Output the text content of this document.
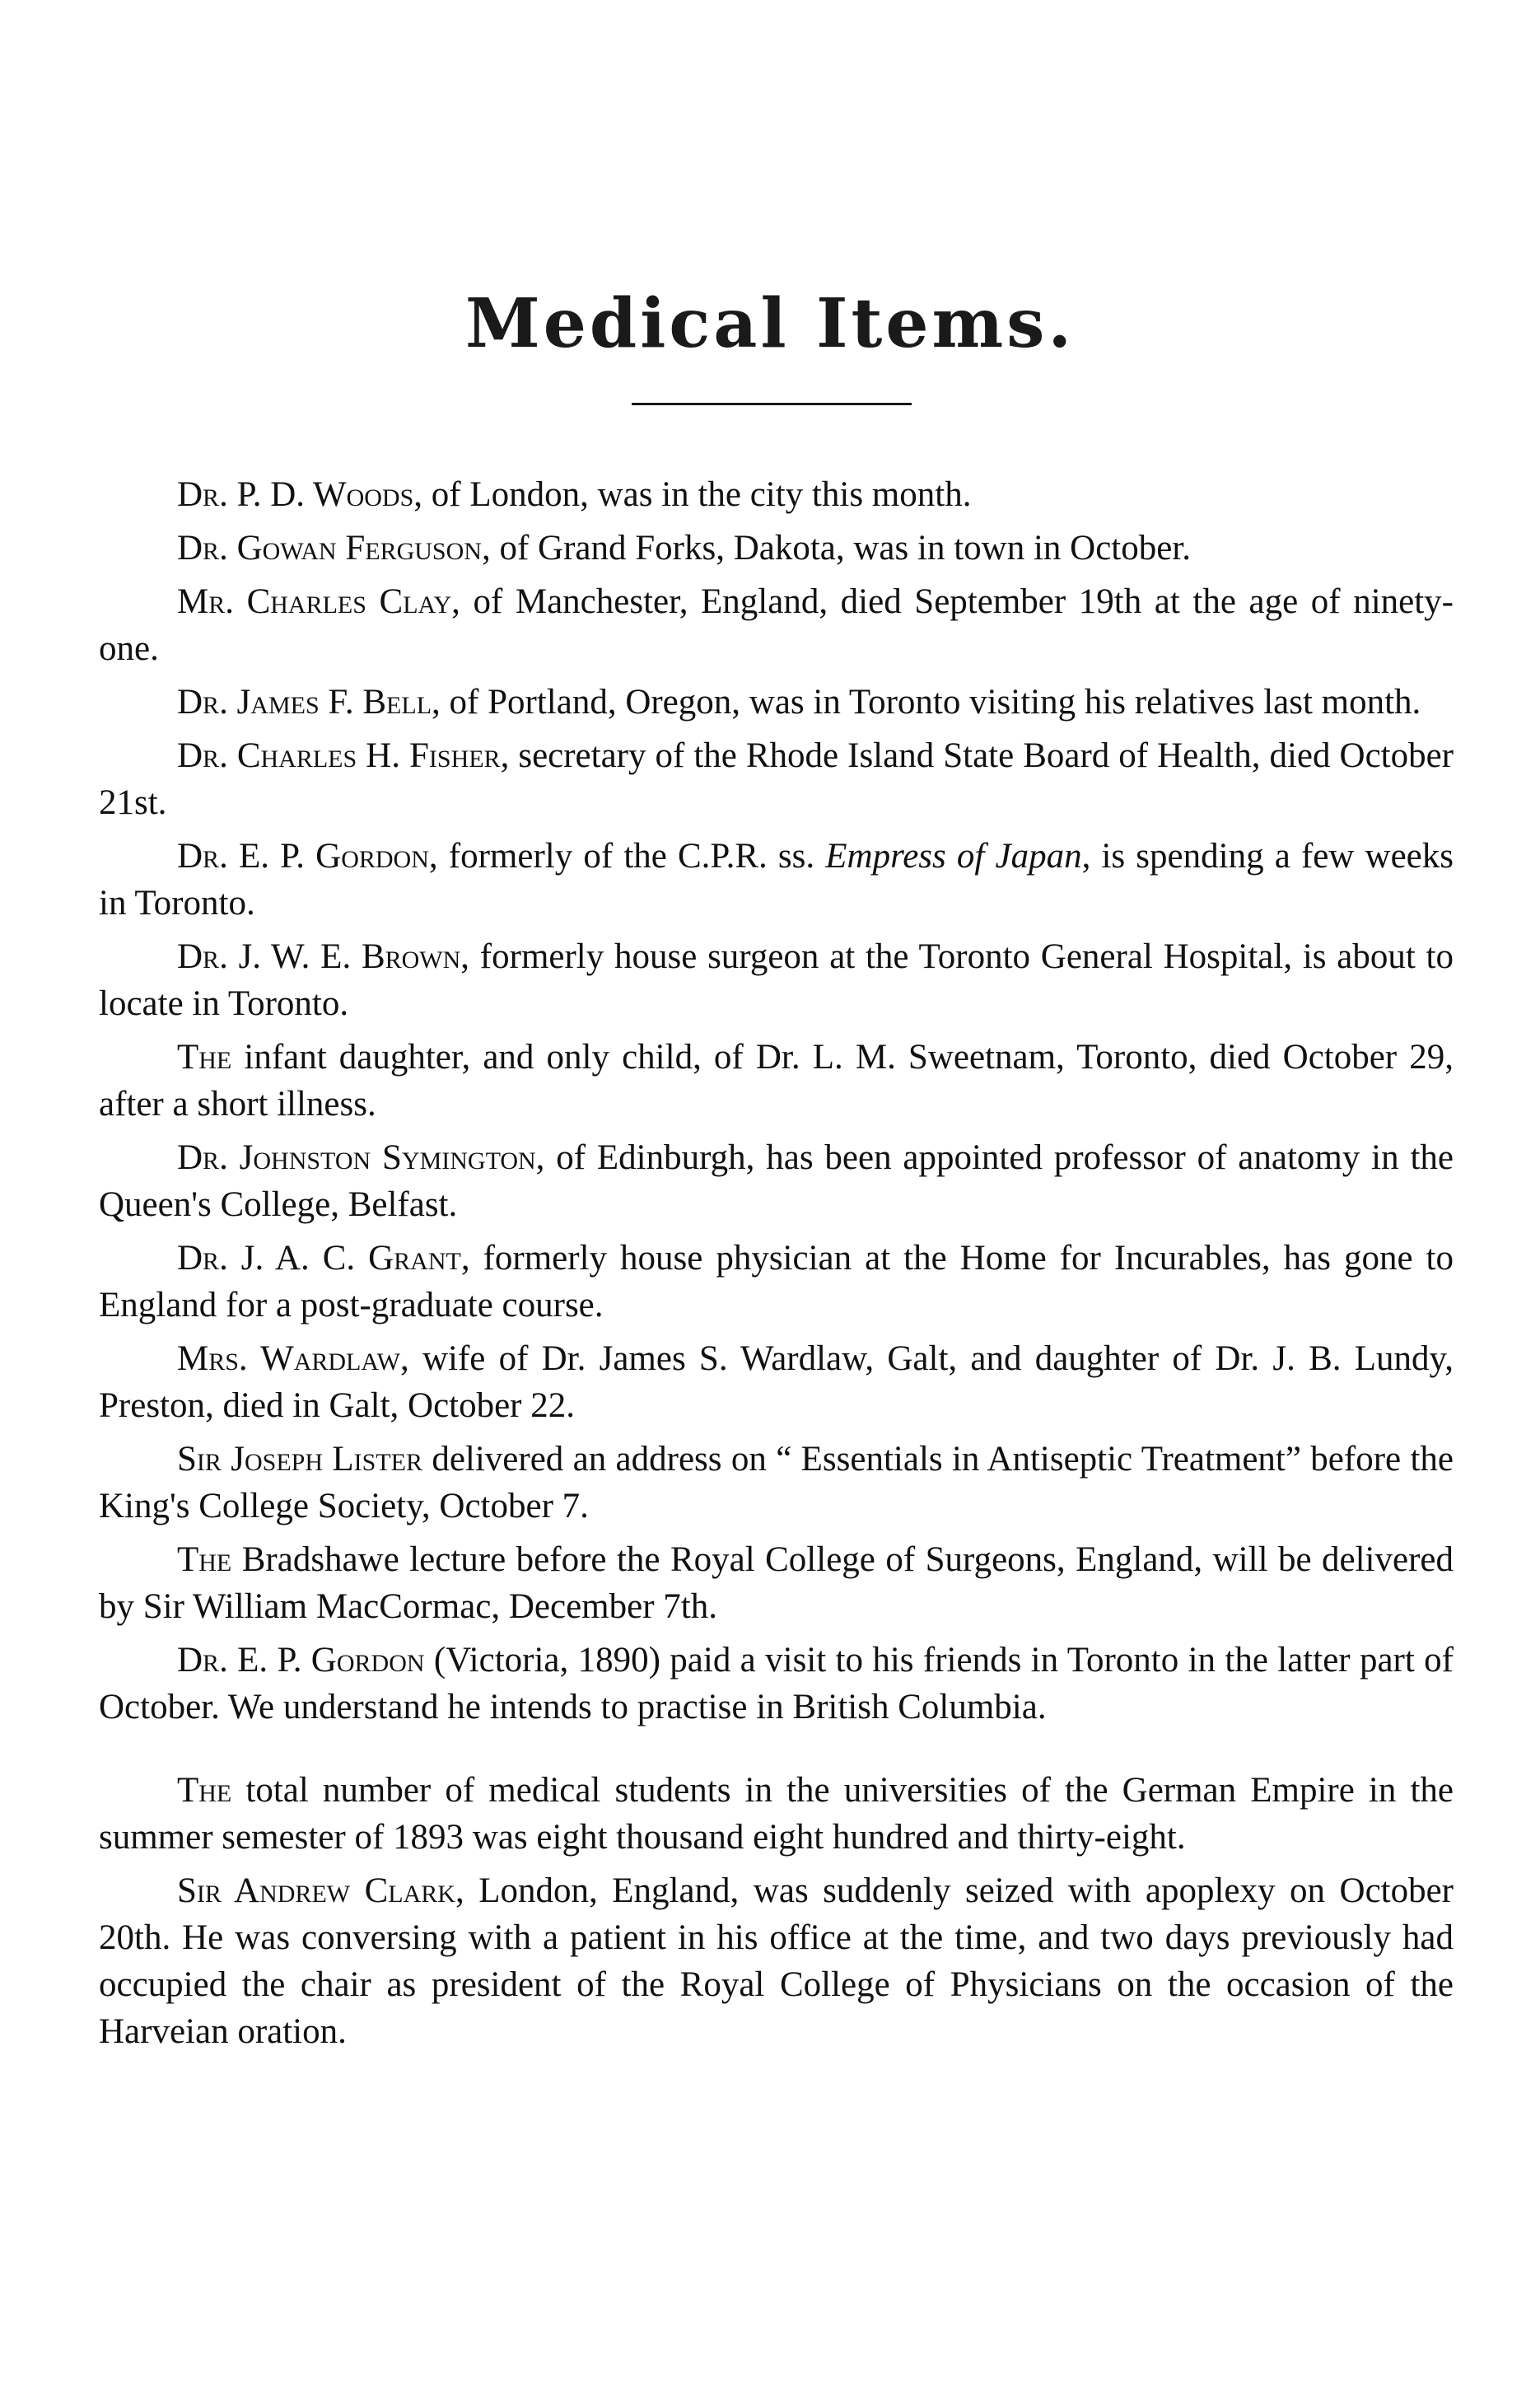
Medical Items.

Dr. P. D. Woods, of London, was in the city this month.

Dr. Gowan Ferguson, of Grand Forks, Dakota, was in town in October.

Mr. Charles Clay, of Manchester, England, died September 19th at the age of ninety-one.

Dr. James F. Bell, of Portland, Oregon, was in Toronto visiting his relatives last month.

Dr. Charles H. Fisher, secretary of the Rhode Island State Board of Health, died October 21st.

Dr. E. P. Gordon, formerly of the C.P.R. ss. Empress of Japan, is spending a few weeks in Toronto.

Dr. J. W. E. Brown, formerly house surgeon at the Toronto General Hospital, is about to locate in Toronto.

The infant daughter, and only child, of Dr. L. M. Sweetnam, Toronto, died October 29, after a short illness.

Dr. Johnston Symington, of Edinburgh, has been appointed professor of anatomy in the Queen's College, Belfast.

Dr. J. A. C. Grant, formerly house physician at the Home for Incurables, has gone to England for a post-graduate course.

Mrs. Wardlaw, wife of Dr. James S. Wardlaw, Galt, and daughter of Dr. J. B. Lundy, Preston, died in Galt, October 22.

Sir Joseph Lister delivered an address on “ Essentials in Antiseptic Treatment” before the King's College Society, October 7.

The Bradshawe lecture before the Royal College of Surgeons, England, will be delivered by Sir William MacCormac, December 7th.

Dr. E. P. Gordon (Victoria, 1890) paid a visit to his friends in Toronto in the latter part of October. We understand he intends to practise in British Columbia.

The total number of medical students in the universities of the German Empire in the summer semester of 1893 was eight thousand eight hundred and thirty-eight.

Sir Andrew Clark, London, England, was suddenly seized with apoplexy on October 20th. He was conversing with a patient in his office at the time, and two days previously had occupied the chair as president of the Royal College of Physicians on the occasion of the Harveian oration.
